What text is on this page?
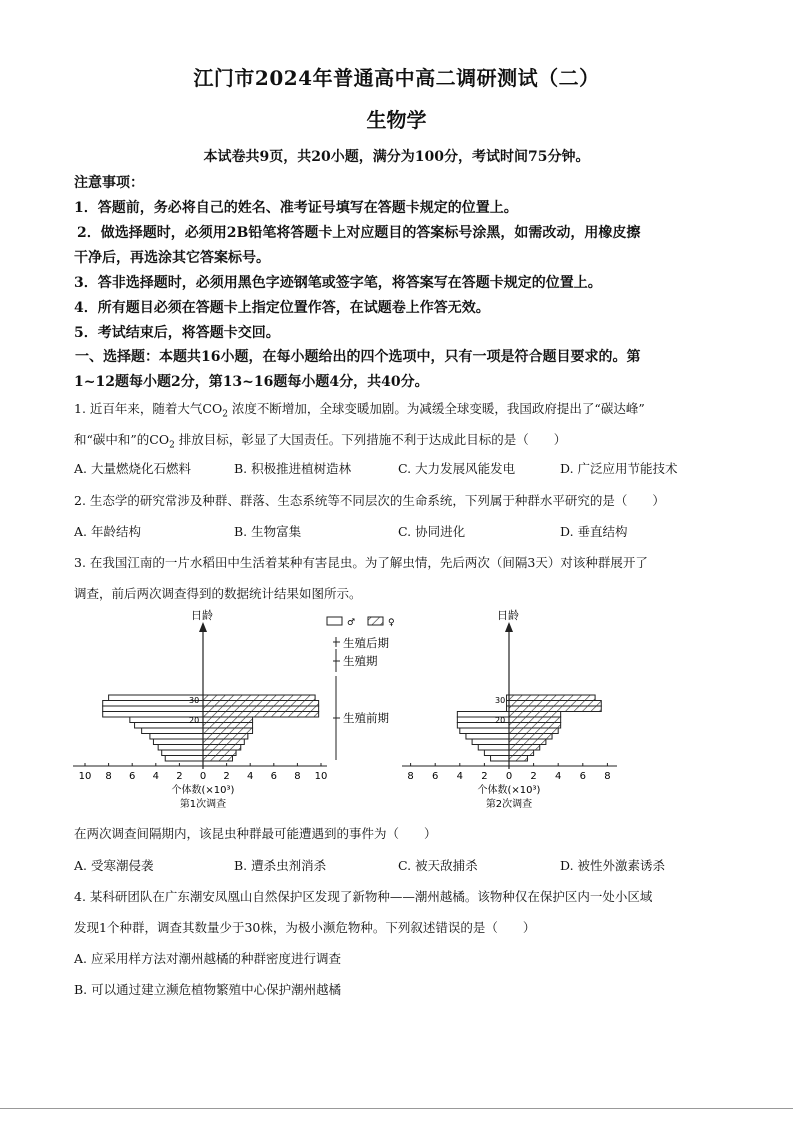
江门市2024年普通高中高二调研测试（二）
生物学
本试卷共9页，共20小题，满分为100分，考试时间75分钟。
注意事项：
1．答题前，务必将自己的姓名、准考证号填写在答题卡规定的位置上。
2．做选择题时，必须用2B铅笔将答题卡上对应题目的答案标号涂黑，如需改动，用橡皮擦
干净后，再选涂其它答案标号。
3．答非选择题时，必须用黑色字迹钢笔或签字笔，将答案写在答题卡规定的位置上。
4．所有题目必须在答题卡上指定位置作答，在试题卷上作答无效。
5．考试结束后，将答题卡交回。
一、选择题：本题共16小题，在每小题给出的四个选项中，只有一项是符合题目要求的。第
1~12题每小题2分，第13~16题每小题4分，共40分。
1. 近百年来，随着大气$CO_2$ 浓度不断增加，全球变暖加剧。为减缓全球变暖，我国政府提出了“碳达峰”
和“碳中和”的$CO_2$ 排放目标，彰显了大国责任。下列措施不利于达成此目标的是（　　）
A. 大量燃烧化石燃料	B. 积极推进植树造林	C. 大力发展风能发电	D. 广泛应用节能技术
2. 生态学的研究常涉及种群、群落、生态系统等不同层次的生命系统，下列属于种群水平研究的是（　　）
A. 年龄结构	B. 生物富集	C. 协同进化	D. 垂直结构
3. 在我国江南的一片水稻田中生活着某种有害昆虫。为了解虫情，先后两次（间隔3天）对该种群展开了
调查，前后两次调查得到的数据统计结果如图所示。
日龄
30
20
10 8 6 4 2 0 2 4 6 8 10
个体数(×10³)
第1次调查
日龄
30
20
8 6 4 2 0 2 4 6 8
个体数(×10³)
第2次调查
♂	♀
生殖后期
生殖期
生殖前期
在两次调查间隔期内，该昆虫种群最可能遭遇到的事件为（　　）
A. 受寒潮侵袭	B. 遭杀虫剂消杀	C. 被天敌捕杀	D. 被性外激素诱杀
4. 某科研团队在广东潮安凤凰山自然保护区发现了新物种——潮州越橘。该物种仅在保护区内一处小区域
发现1个种群，调查其数量少于30株，为极小濒危物种。下列叙述错误的是（　　）
A. 应采用样方法对潮州越橘的种群密度进行调查
B. 可以通过建立濒危植物繁殖中心保护潮州越橘
